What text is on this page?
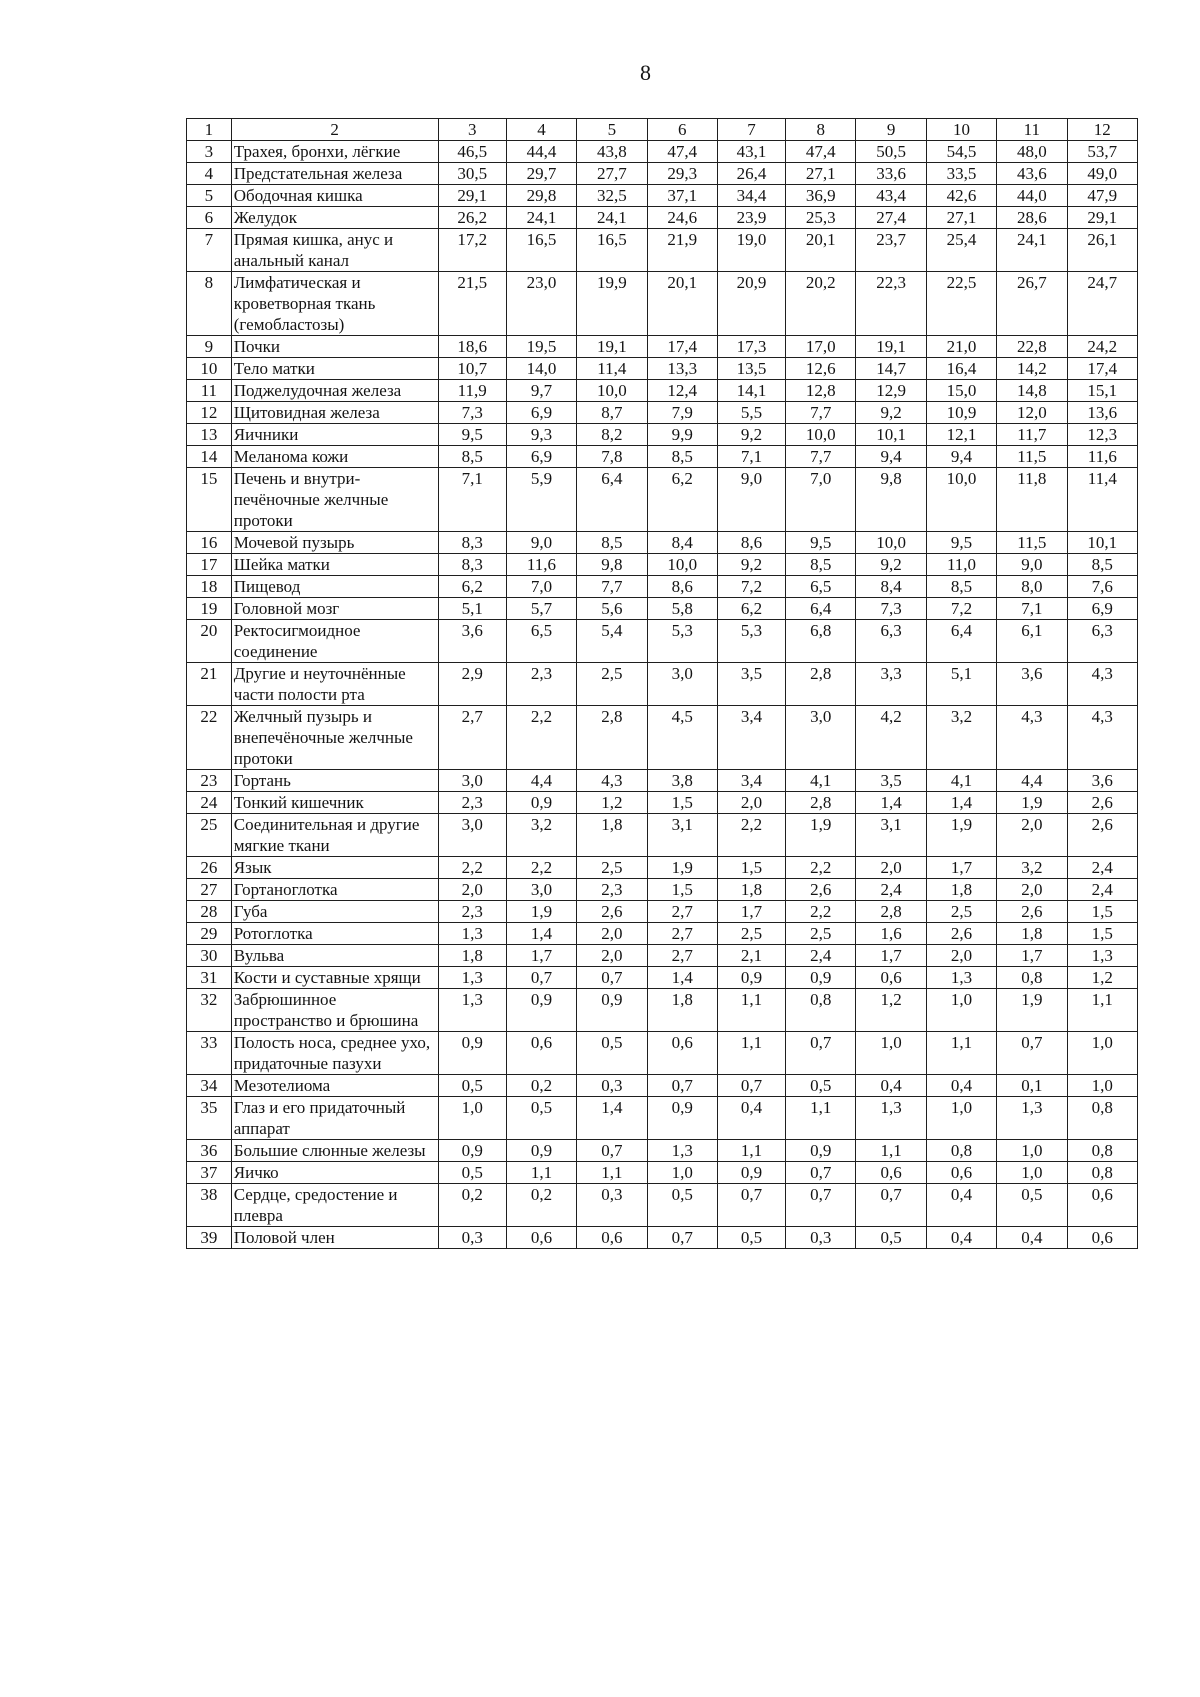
8
1	2	3	4	5	6	7	8	9	10	11	12
3	Трахея, бронхи, лёгкие	46,5	44,4	43,8	47,4	43,1	47,4	50,5	54,5	48,0	53,7
4	Предстательная железа	30,5	29,7	27,7	29,3	26,4	27,1	33,6	33,5	43,6	49,0
5	Ободочная кишка	29,1	29,8	32,5	37,1	34,4	36,9	43,4	42,6	44,0	47,9
6	Желудок	26,2	24,1	24,1	24,6	23,9	25,3	27,4	27,1	28,6	29,1
7	Прямая кишка, анус и анальный канал	17,2	16,5	16,5	21,9	19,0	20,1	23,7	25,4	24,1	26,1
8	Лимфатическая и кроветворная ткань (гемобластозы)	21,5	23,0	19,9	20,1	20,9	20,2	22,3	22,5	26,7	24,7
9	Почки	18,6	19,5	19,1	17,4	17,3	17,0	19,1	21,0	22,8	24,2
10	Тело матки	10,7	14,0	11,4	13,3	13,5	12,6	14,7	16,4	14,2	17,4
11	Поджелудочная железа	11,9	9,7	10,0	12,4	14,1	12,8	12,9	15,0	14,8	15,1
12	Щитовидная железа	7,3	6,9	8,7	7,9	5,5	7,7	9,2	10,9	12,0	13,6
13	Яичники	9,5	9,3	8,2	9,9	9,2	10,0	10,1	12,1	11,7	12,3
14	Меланома кожи	8,5	6,9	7,8	8,5	7,1	7,7	9,4	9,4	11,5	11,6
15	Печень и внутри-печёночные желчные протоки	7,1	5,9	6,4	6,2	9,0	7,0	9,8	10,0	11,8	11,4
16	Мочевой пузырь	8,3	9,0	8,5	8,4	8,6	9,5	10,0	9,5	11,5	10,1
17	Шейка матки	8,3	11,6	9,8	10,0	9,2	8,5	9,2	11,0	9,0	8,5
18	Пищевод	6,2	7,0	7,7	8,6	7,2	6,5	8,4	8,5	8,0	7,6
19	Головной мозг	5,1	5,7	5,6	5,8	6,2	6,4	7,3	7,2	7,1	6,9
20	Ректосигмоидное соединение	3,6	6,5	5,4	5,3	5,3	6,8	6,3	6,4	6,1	6,3
21	Другие и неуточнённые части полости рта	2,9	2,3	2,5	3,0	3,5	2,8	3,3	5,1	3,6	4,3
22	Желчный пузырь и внепечёночные желчные протоки	2,7	2,2	2,8	4,5	3,4	3,0	4,2	3,2	4,3	4,3
23	Гортань	3,0	4,4	4,3	3,8	3,4	4,1	3,5	4,1	4,4	3,6
24	Тонкий кишечник	2,3	0,9	1,2	1,5	2,0	2,8	1,4	1,4	1,9	2,6
25	Соединительная и другие мягкие ткани	3,0	3,2	1,8	3,1	2,2	1,9	3,1	1,9	2,0	2,6
26	Язык	2,2	2,2	2,5	1,9	1,5	2,2	2,0	1,7	3,2	2,4
27	Гортаноглотка	2,0	3,0	2,3	1,5	1,8	2,6	2,4	1,8	2,0	2,4
28	Губа	2,3	1,9	2,6	2,7	1,7	2,2	2,8	2,5	2,6	1,5
29	Ротоглотка	1,3	1,4	2,0	2,7	2,5	2,5	1,6	2,6	1,8	1,5
30	Вульва	1,8	1,7	2,0	2,7	2,1	2,4	1,7	2,0	1,7	1,3
31	Кости и суставные хрящи	1,3	0,7	0,7	1,4	0,9	0,9	0,6	1,3	0,8	1,2
32	Забрюшинное пространство и брюшина	1,3	0,9	0,9	1,8	1,1	0,8	1,2	1,0	1,9	1,1
33	Полость носа, среднее ухо, придаточные пазухи	0,9	0,6	0,5	0,6	1,1	0,7	1,0	1,1	0,7	1,0
34	Мезотелиома	0,5	0,2	0,3	0,7	0,7	0,5	0,4	0,4	0,1	1,0
35	Глаз и его придаточный аппарат	1,0	0,5	1,4	0,9	0,4	1,1	1,3	1,0	1,3	0,8
36	Большие слюнные железы	0,9	0,9	0,7	1,3	1,1	0,9	1,1	0,8	1,0	0,8
37	Яичко	0,5	1,1	1,1	1,0	0,9	0,7	0,6	0,6	1,0	0,8
38	Сердце, средостение и плевра	0,2	0,2	0,3	0,5	0,7	0,7	0,7	0,4	0,5	0,6
39	Половой член	0,3	0,6	0,6	0,7	0,5	0,3	0,5	0,4	0,4	0,6
